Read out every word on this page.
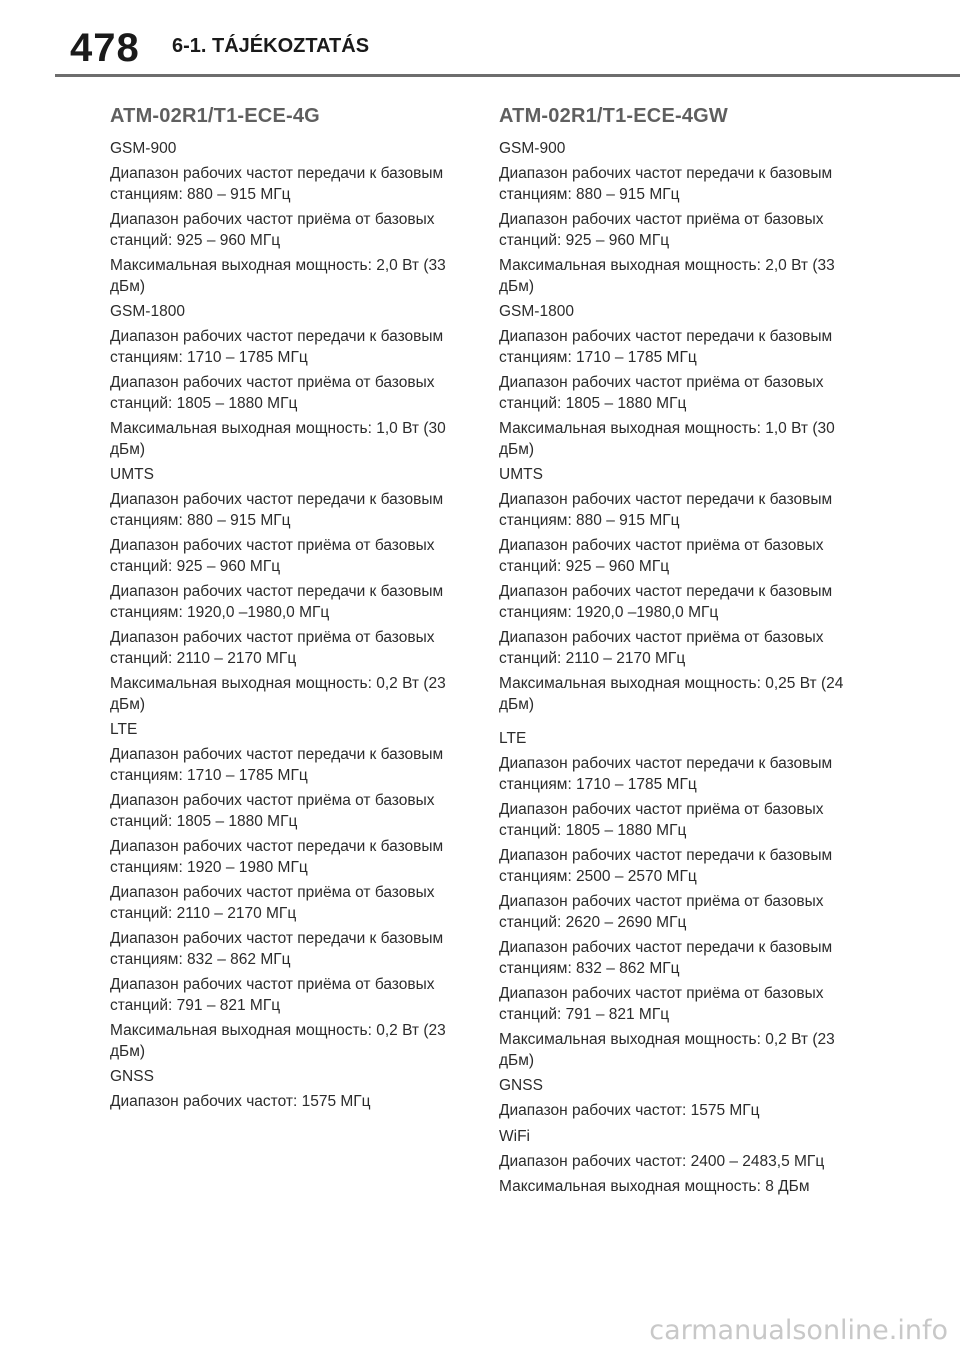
478 6-1. TÁJÉKOZTATÁS
ATM-02R1/T1-ECE-4G
GSM-900
Диапазон рабочих частот передачи к базовым станциям: 880 – 915 МГц
Диапазон рабочих частот приёма от базовых станций: 925 – 960 МГц
Максимальная выходная мощность: 2,0 Вт (33 дБм)
GSM-1800
Диапазон рабочих частот передачи к базовым станциям: 1710 – 1785 МГц
Диапазон рабочих частот приёма от базовых станций: 1805 – 1880 МГц
Максимальная выходная мощность: 1,0 Вт (30 дБм)
UMTS
Диапазон рабочих частот передачи к базовым станциям: 880 – 915 МГц
Диапазон рабочих частот приёма от базовых станций: 925 – 960 МГц
Диапазон рабочих частот передачи к базовым станциям: 1920,0 –1980,0 МГц
Диапазон рабочих частот приёма от базовых станций: 2110 – 2170 МГц
Максимальная выходная мощность: 0,2 Вт (23 дБм)
LTE
Диапазон рабочих частот передачи к базовым станциям: 1710 – 1785 МГц
Диапазон рабочих частот приёма от базовых станций: 1805 – 1880 МГц
Диапазон рабочих частот передачи к базовым станциям: 1920 – 1980 МГц
Диапазон рабочих частот приёма от базовых станций: 2110 – 2170 МГц
Диапазон рабочих частот передачи к базовым станциям: 832 – 862 МГц
Диапазон рабочих частот приёма от базовых станций: 791 – 821 МГц
Максимальная выходная мощность: 0,2 Вт (23 дБм)
GNSS
Диапазон рабочих частот: 1575 МГц
ATM-02R1/T1-ECE-4GW
GSM-900
Диапазон рабочих частот передачи к базовым станциям: 880 – 915 МГц
Диапазон рабочих частот приёма от базовых станций: 925 – 960 МГц
Максимальная выходная мощность: 2,0 Вт (33 дБм)
GSM-1800
Диапазон рабочих частот передачи к базовым станциям: 1710 – 1785 МГц
Диапазон рабочих частот приёма от базовых станций: 1805 – 1880 МГц
Максимальная выходная мощность: 1,0 Вт (30 дБм)
UMTS
Диапазон рабочих частот передачи к базовым станциям: 880 – 915 МГц
Диапазон рабочих частот приёма от базовых станций: 925 – 960 МГц
Диапазон рабочих частот передачи к базовым станциям: 1920,0 –1980,0 МГц
Диапазон рабочих частот приёма от базовых станций: 2110 – 2170 МГц
Максимальная выходная мощность: 0,25 Вт (24 дБм)
LTE
Диапазон рабочих частот передачи к базовым станциям: 1710 – 1785 МГц
Диапазон рабочих частот приёма от базовых станций: 1805 – 1880 МГц
Диапазон рабочих частот передачи к базовым станциям: 2500 – 2570 МГц
Диапазон рабочих частот приёма от базовых станций: 2620 – 2690 МГц
Диапазон рабочих частот передачи к базовым станциям: 832 – 862 МГц
Диапазон рабочих частот приёма от базовых станций: 791 – 821 МГц
Максимальная выходная мощность: 0,2 Вт (23 дБм)
GNSS
Диапазон рабочих частот: 1575 МГц
WiFi
Диапазон рабочих частот: 2400 – 2483,5 МГц
Максимальная выходная мощность: 8 ДБм
carmanualsonline.info
